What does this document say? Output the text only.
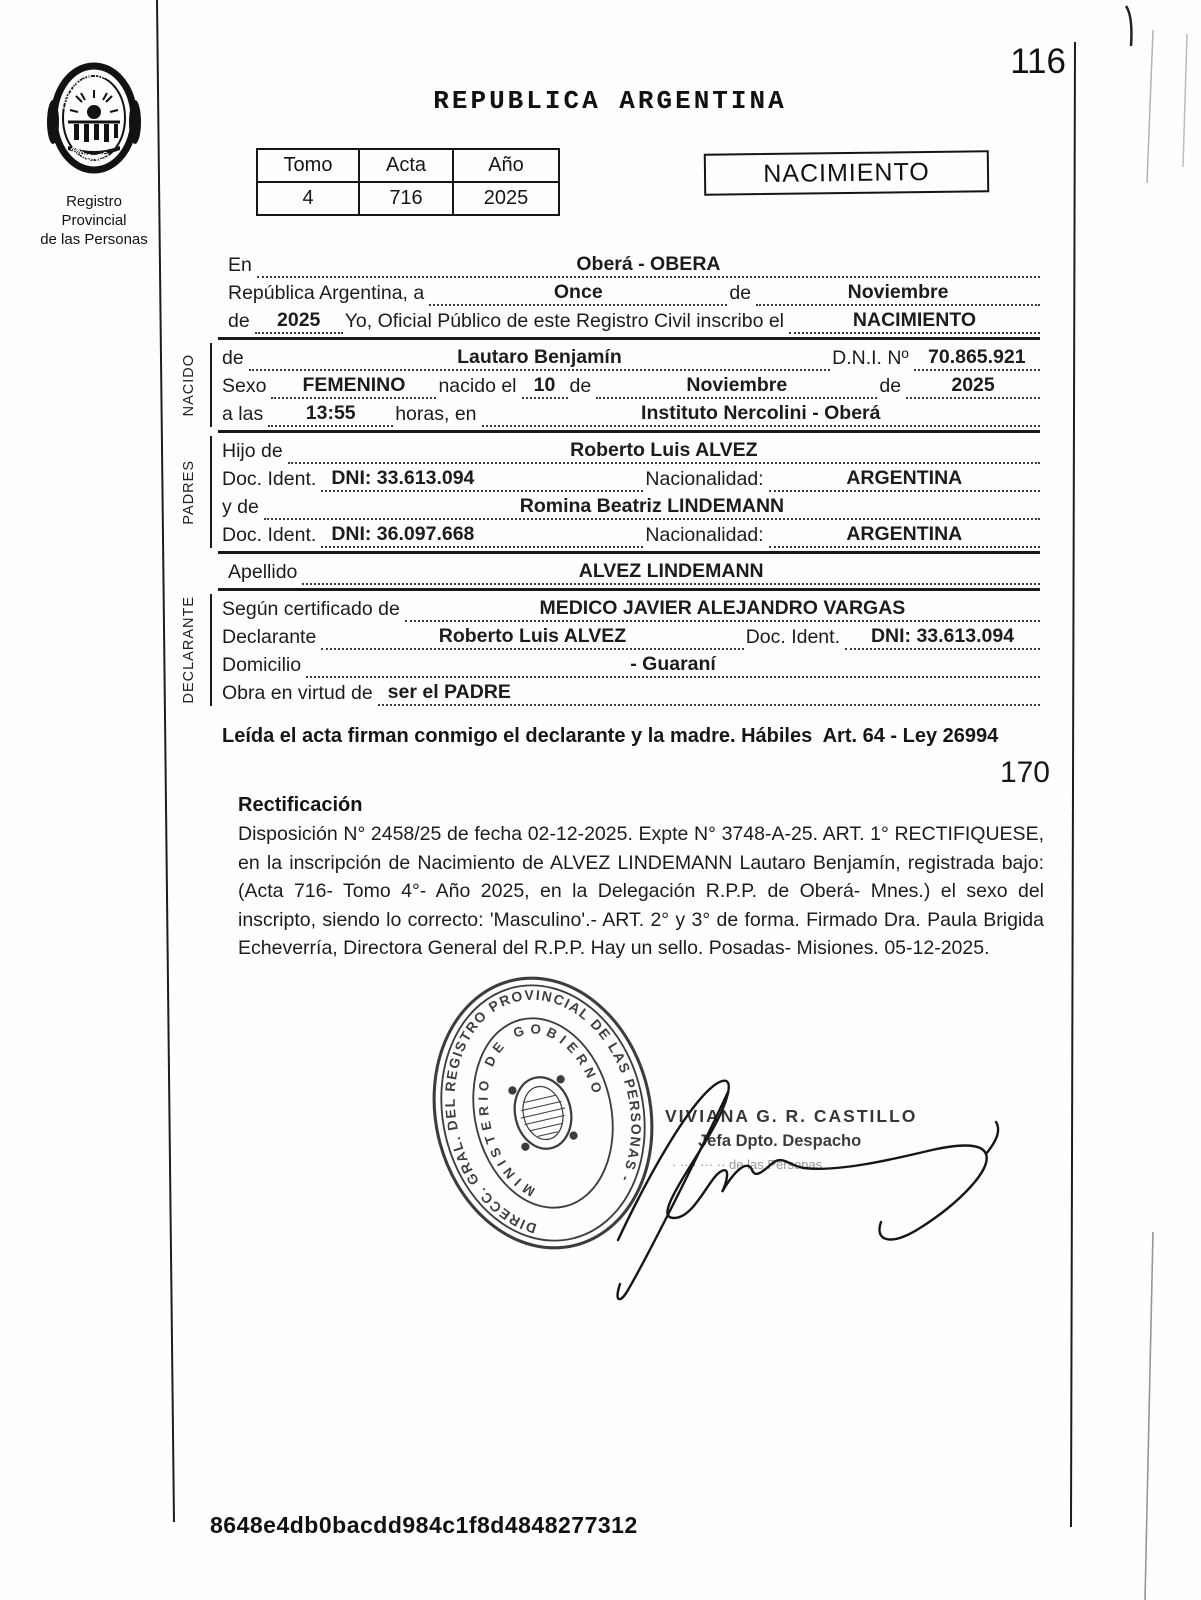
PROVINCIA DE
MISIONES
Registro Provincial
de las Personas
116
REPUBLICA ARGENTINA
Tomo	Acta	Año
4	716	2025
NACIMIENTO
En	Oberá - OBERA
República Argentina, a	Once	de	Noviembre
de	2025	Yo, Oficial Público de este Registro Civil inscribo el	NACIMIENTO
NACIDO de	Lautaro Benjamín	D.N.I. Nº 70.865.921
Sexo	FEMENINO	nacido el 10 de	Noviembre	de	2025
a las	13:55	horas, en	Instituto Nercolini - Oberá
PADRES
Hijo de	Roberto Luis ALVEZ
Doc. Ident. DNI: 33.613.094	Nacionalidad:	ARGENTINA
y de	Romina Beatriz LINDEMANN
Doc. Ident. DNI: 36.097.668	Nacionalidad:	ARGENTINA
Apellido	ALVEZ LINDEMANN
DECLARANTE Según certificado de	MEDICO JAVIER ALEJANDRO VARGAS
Declarante	Roberto Luis ALVEZ	Doc. Ident.	DNI: 33.613.094
Domicilio	- Guaraní
Obra en virtud de ser el PADRE
Leída el acta firman conmigo el declarante y la madre. Hábiles  Art. 64 - Ley 26994
170
Rectificación
Disposición N° 2458/25 de fecha 02-12-2025. Expte N° 3748-A-25. ART. 1° RECTIFIQUESE, en la inscripción de Nacimiento de ALVEZ LINDEMANN Lautaro Benjamín, registrada bajo: (Acta 716- Tomo 4°- Año 2025, en la Delegación R.P.P. de Oberá- Mnes.) el sexo del inscripto, siendo lo correcto: 'Masculino'.- ART. 2° y 3° de forma. Firmado Dra. Paula Brigida Echeverría, Directora General del R.P.P. Hay un sello. Posadas- Misiones. 05-12-2025.
DIRECC. GRAL. DEL REGISTRO PROVINCIAL DE LAS PERSONAS -
MINISTERIO DE GOBIERNO
VIVIANA G. R. CASTILLO
Jefa Dpto. Despacho
· ·· · ··· ·· de las Personas
8648e4db0bacdd984c1f8d4848277312
